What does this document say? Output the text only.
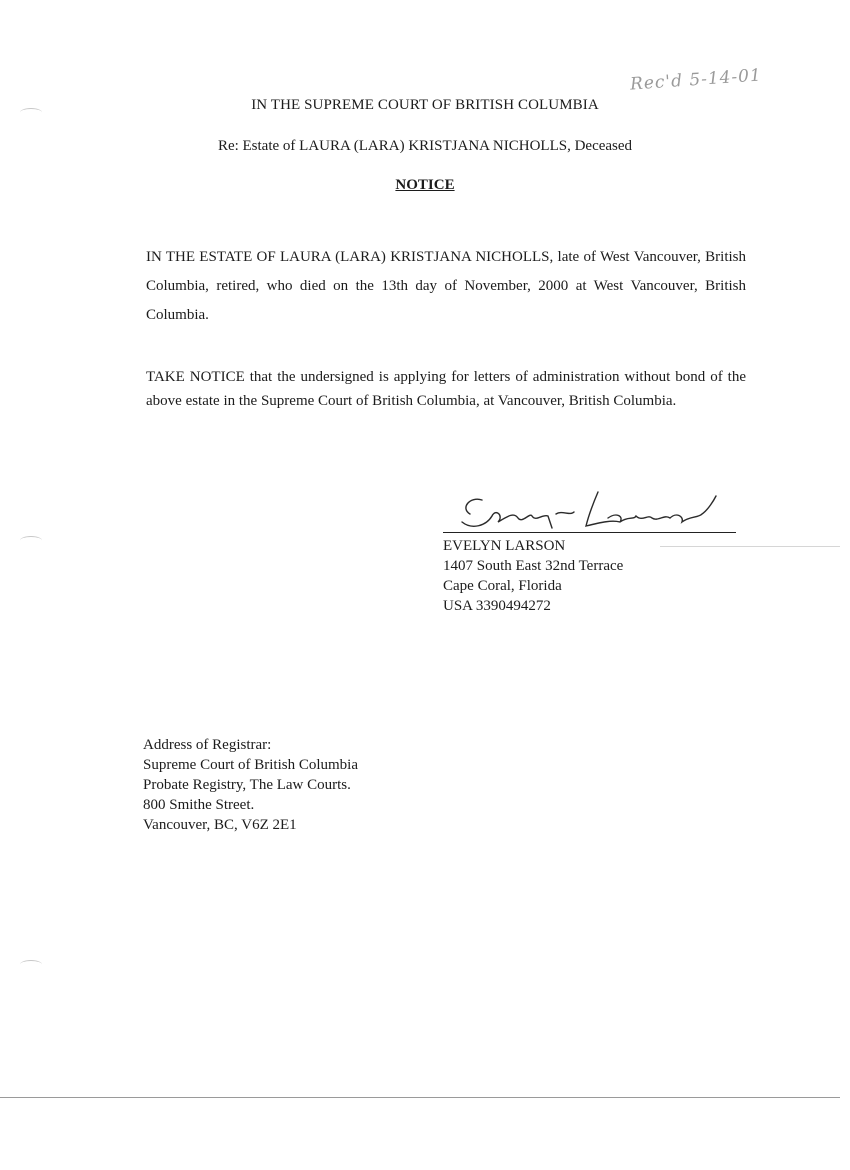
Rec'd 5-14-01
IN THE SUPREME COURT OF BRITISH COLUMBIA
Re: Estate of LAURA (LARA) KRISTJANA NICHOLLS, Deceased
NOTICE
IN THE ESTATE OF LAURA (LARA) KRISTJANA NICHOLLS, late of West Vancouver, British Columbia, retired, who died on the 13th day of November, 2000 at West Vancouver, British Columbia.
TAKE NOTICE that the undersigned is applying for letters of administration without bond of the above estate in the Supreme Court of British Columbia, at Vancouver, British Columbia.
EVELYN LARSON
1407 South East 32nd Terrace
Cape Coral, Florida
USA 3390494272
Address of Registrar:
Supreme Court of British Columbia
Probate Registry, The Law Courts.
800 Smithe Street.
Vancouver, BC, V6Z 2E1
